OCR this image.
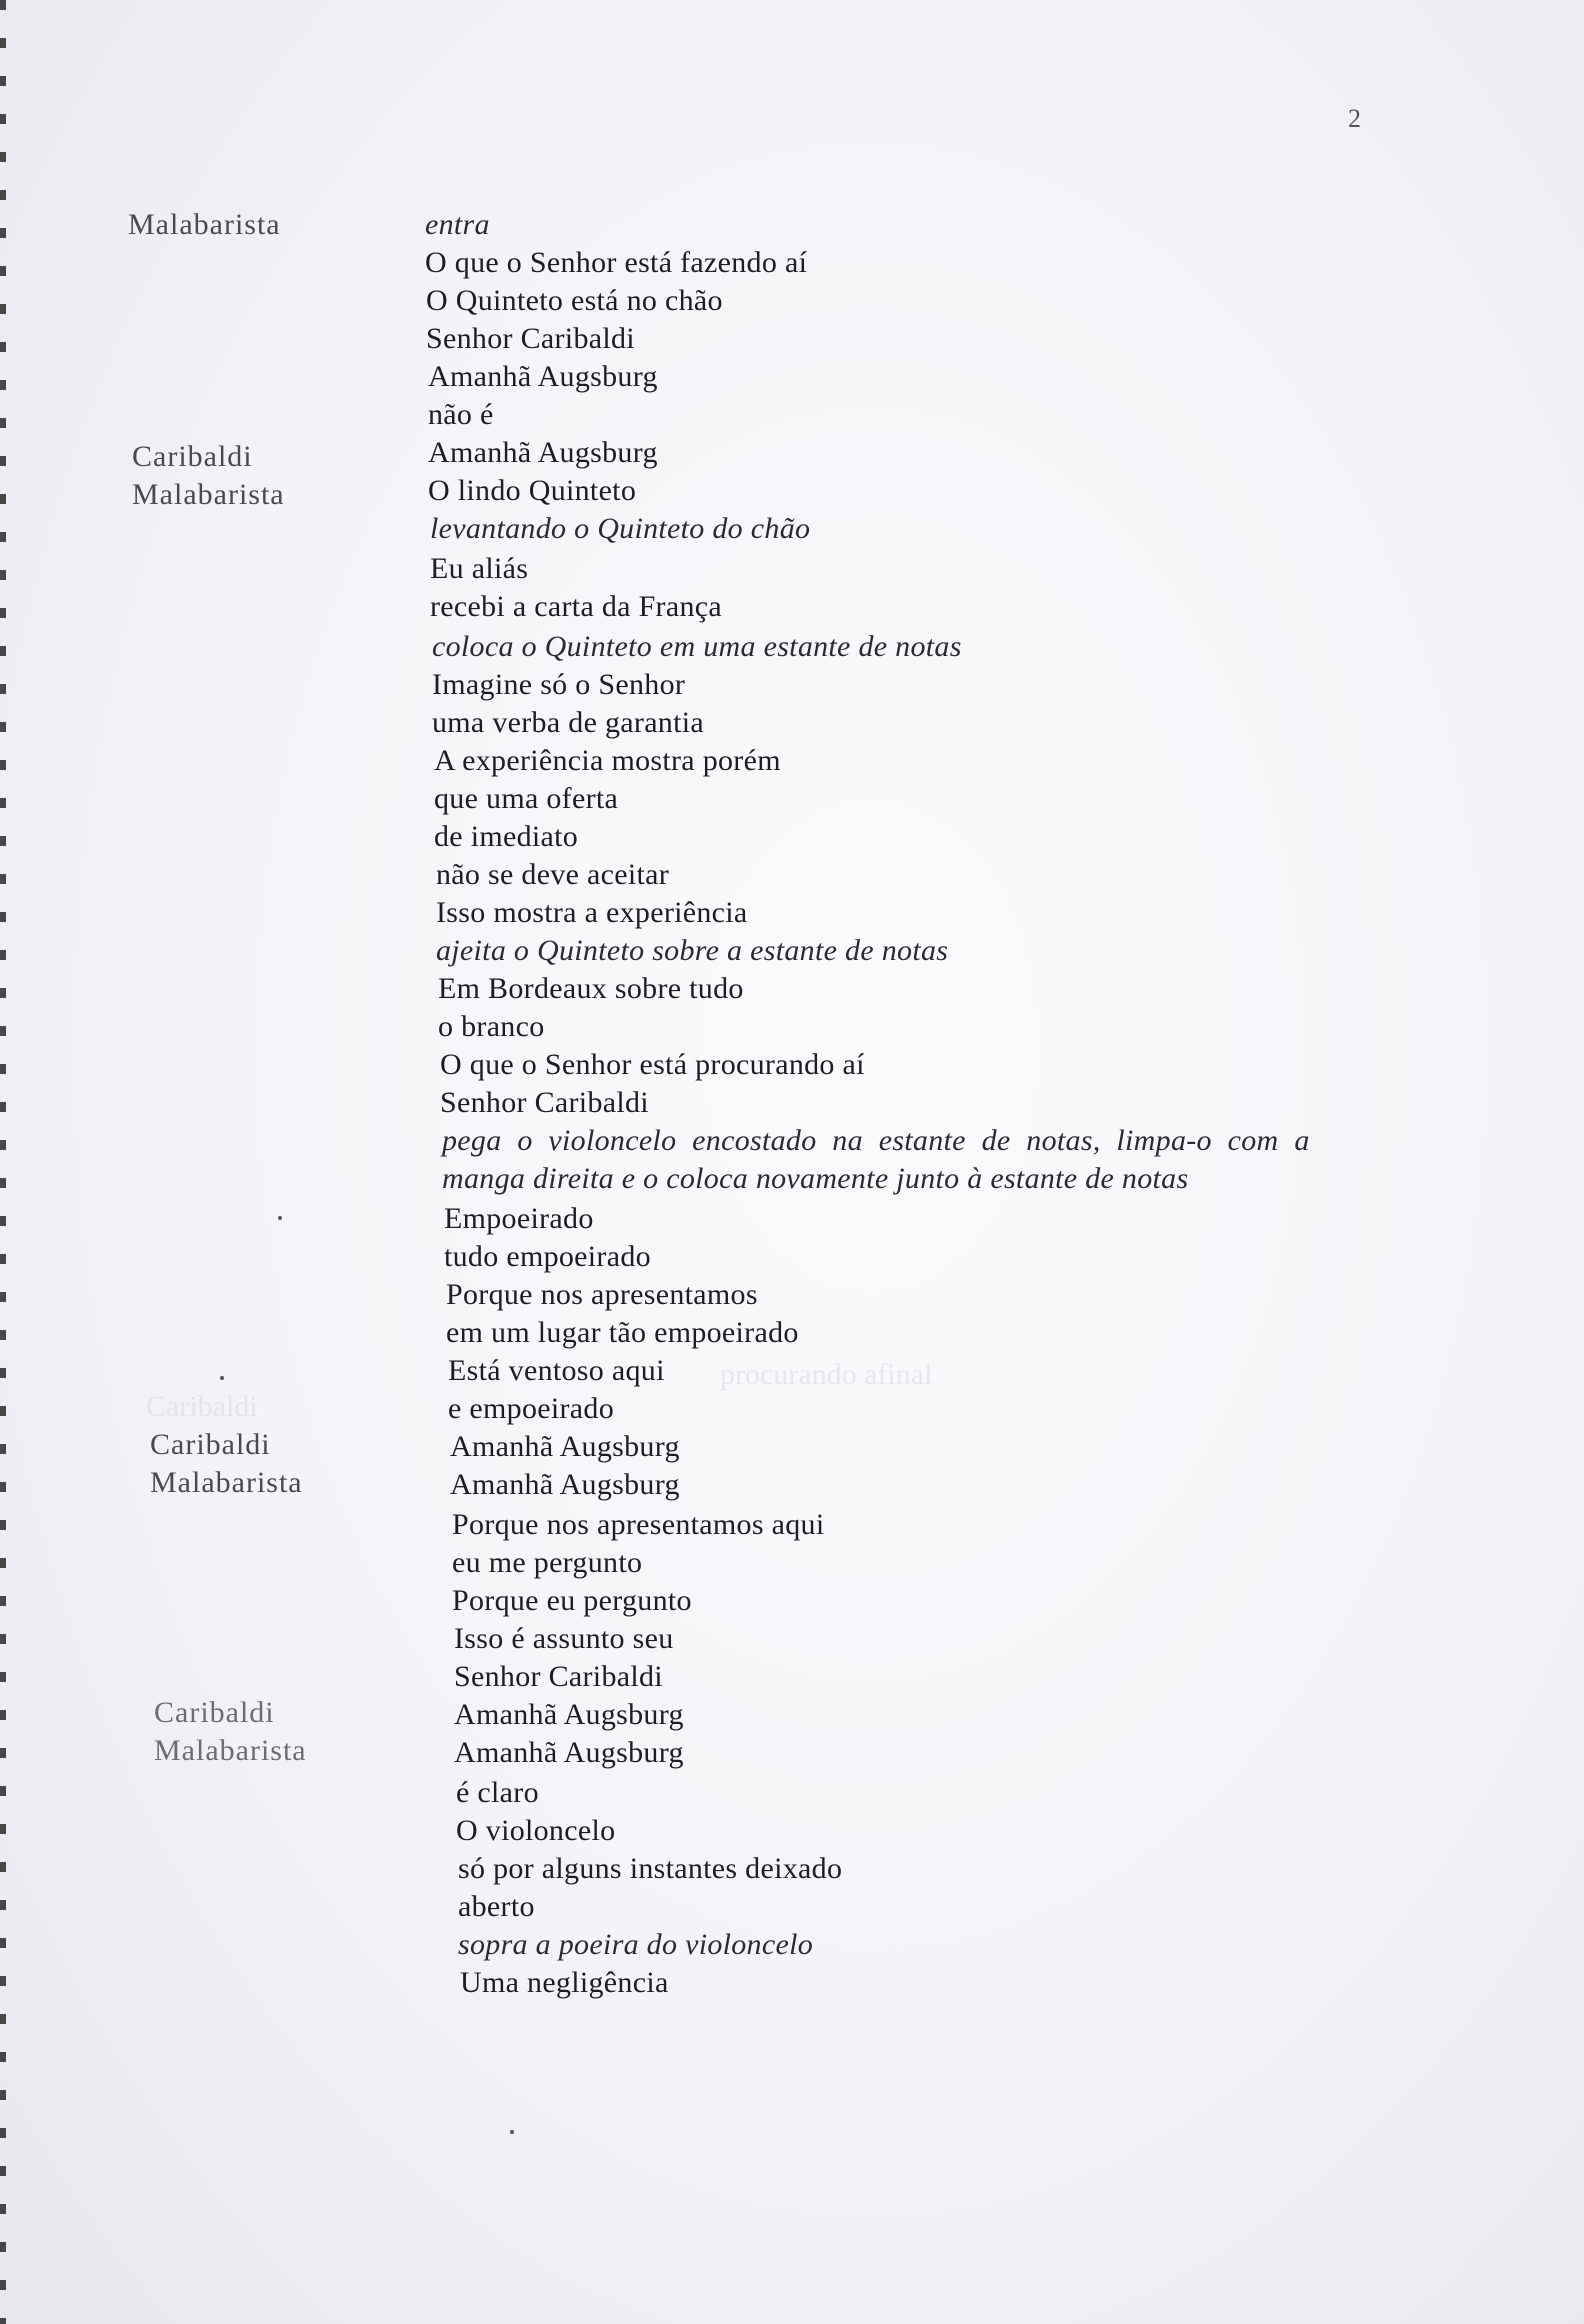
2
Malabarista
Caribaldi
Malabarista
Caribaldi
Malabarista
Caribaldi
Malabarista
Caribaldi
procurando afinal
entra
O que o Senhor está fazendo aí
O Quinteto está no chão
Senhor Caribaldi
Amanhã Augsburg
não é
Amanhã Augsburg
O lindo Quinteto
levantando o Quinteto do chão
Eu aliás
recebi a carta da França
coloca o Quinteto em uma estante de notas
Imagine só o Senhor
uma verba de garantia
A experiência mostra porém
que uma oferta
de imediato
não se deve aceitar
Isso mostra a experiência
ajeita o Quinteto sobre a estante de notas
Em Bordeaux sobre tudo
o branco
O que o Senhor está procurando aí
Senhor Caribaldi
pega o violoncelo encostado na estante de notas, limpa-o com a
manga direita e o coloca novamente junto à estante de notas
Empoeirado
tudo empoeirado
Porque nos apresentamos
em um lugar tão empoeirado
Está ventoso aqui
e empoeirado
Amanhã Augsburg
Amanhã Augsburg
Porque nos apresentamos aqui
eu me pergunto
Porque eu pergunto
Isso é assunto seu
Senhor Caribaldi
Amanhã Augsburg
Amanhã Augsburg
é claro
O violoncelo
só por alguns instantes deixado
aberto
sopra a poeira do violoncelo
Uma negligência
